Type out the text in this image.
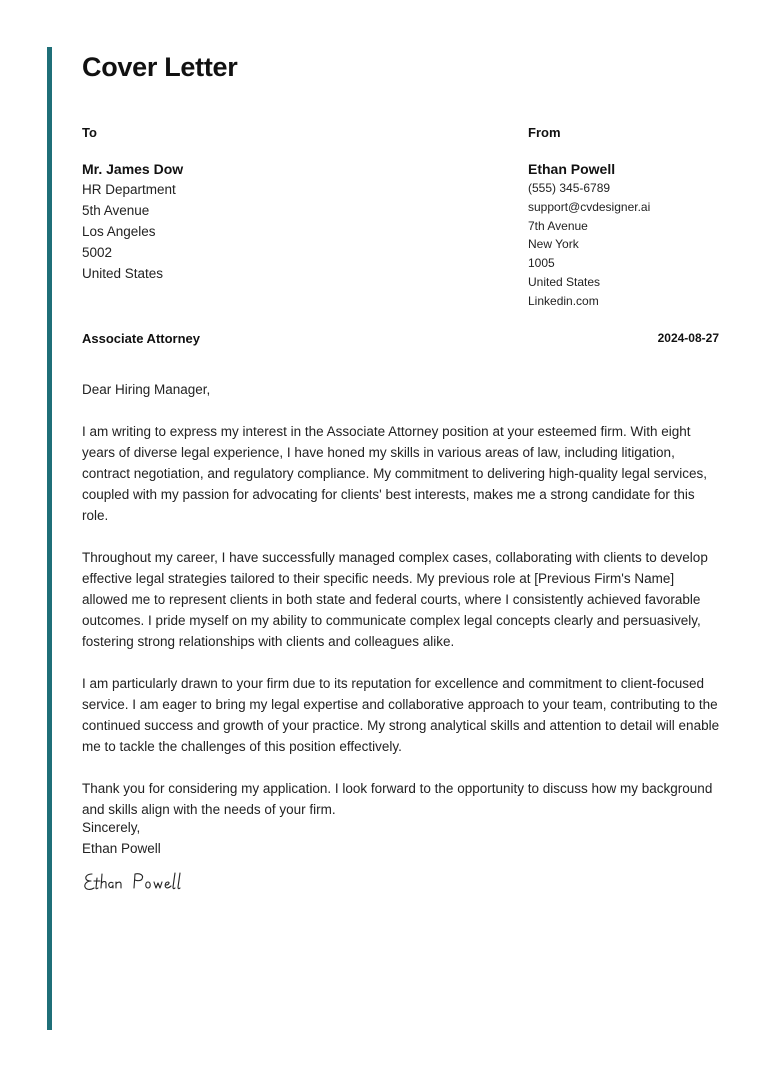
Cover Letter
To	From
Mr. James Dow
HR Department
5th Avenue
Los Angeles
5002
United States
Ethan Powell
(555) 345-6789
support@cvdesigner.ai
7th Avenue
New York
1005
United States
Linkedin.com
Associate Attorney	2024-08-27

Dear Hiring Manager,

I am writing to express my interest in the Associate Attorney position at your esteemed firm. With eight years of diverse legal experience, I have honed my skills in various areas of law, including litigation, contract negotiation, and regulatory compliance. My commitment to delivering high-quality legal services, coupled with my passion for advocating for clients' best interests, makes me a strong candidate for this role.

Throughout my career, I have successfully managed complex cases, collaborating with clients to develop effective legal strategies tailored to their specific needs. My previous role at [Previous Firm's Name] allowed me to represent clients in both state and federal courts, where I consistently achieved favorable outcomes. I pride myself on my ability to communicate complex legal concepts clearly and persuasively, fostering strong relationships with clients and colleagues alike.

I am particularly drawn to your firm due to its reputation for excellence and commitment to client-focused service. I am eager to bring my legal expertise and collaborative approach to your team, contributing to the continued success and growth of your practice. My strong analytical skills and attention to detail will enable me to tackle the challenges of this position effectively.

Thank you for considering my application. I look forward to the opportunity to discuss how my background and skills align with the needs of your firm.

Sincerely,
Ethan Powell
